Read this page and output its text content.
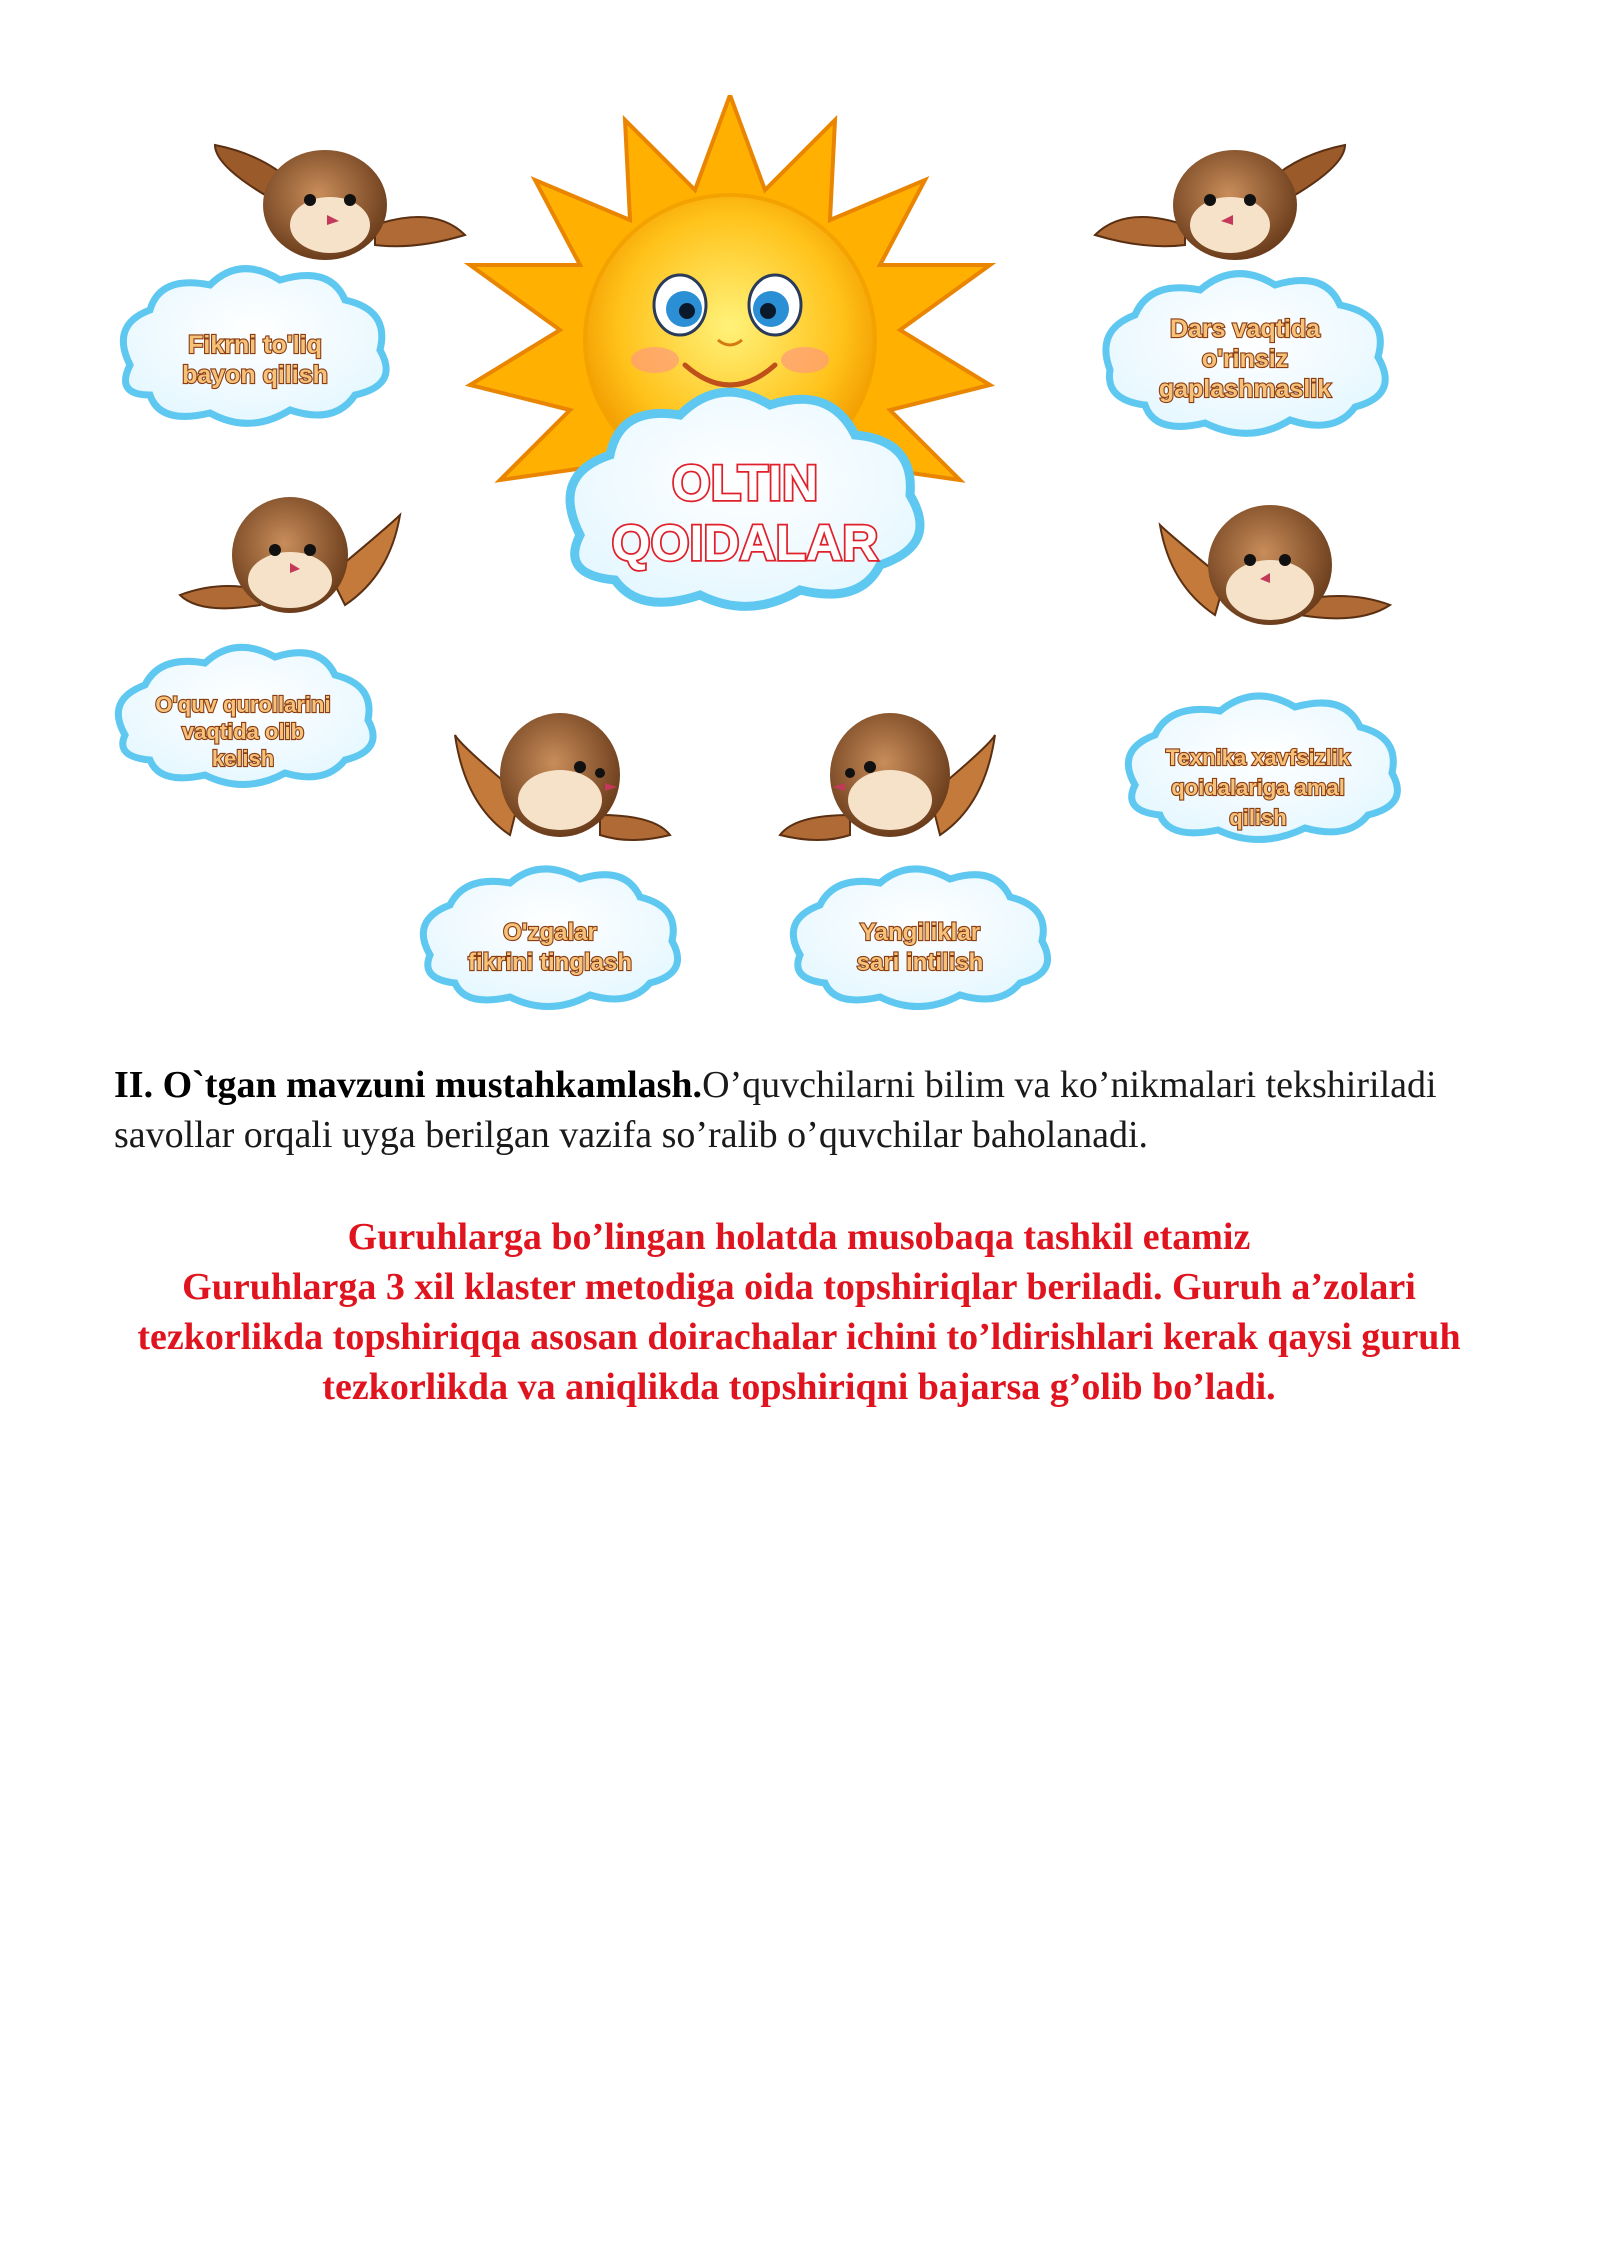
OLTIN
QOIDALAR
Fikrni to'liq
bayon qilish
Dars vaqtida
o'rinsiz
gaplashmaslik
O'quv qurollarini
vaqtida olib
kelish	Texnika xavfsizlik
qoidalariga amal
qilish
O'zgalar
fikrini tinglash
Yangiliklar
sari intilish
II. O`tgan mavzuni mustahkamlash.O’quvchilarni bilim va ko’nikmalari tekshiriladi savollar orqali uyga berilgan vazifa so’ralib o’quvchilar baholanadi.
Guruhlarga bo’lingan holatda musobaqa tashkil etamiz
Guruhlarga 3 xil klaster metodiga oida topshiriqlar beriladi. Guruh a’zolari tezkorlikda topshiriqqa asosan doirachalar ichini to’ldirishlari kerak qaysi guruh tezkorlikda va aniqlikda topshiriqni bajarsa g’olib bo’ladi.
